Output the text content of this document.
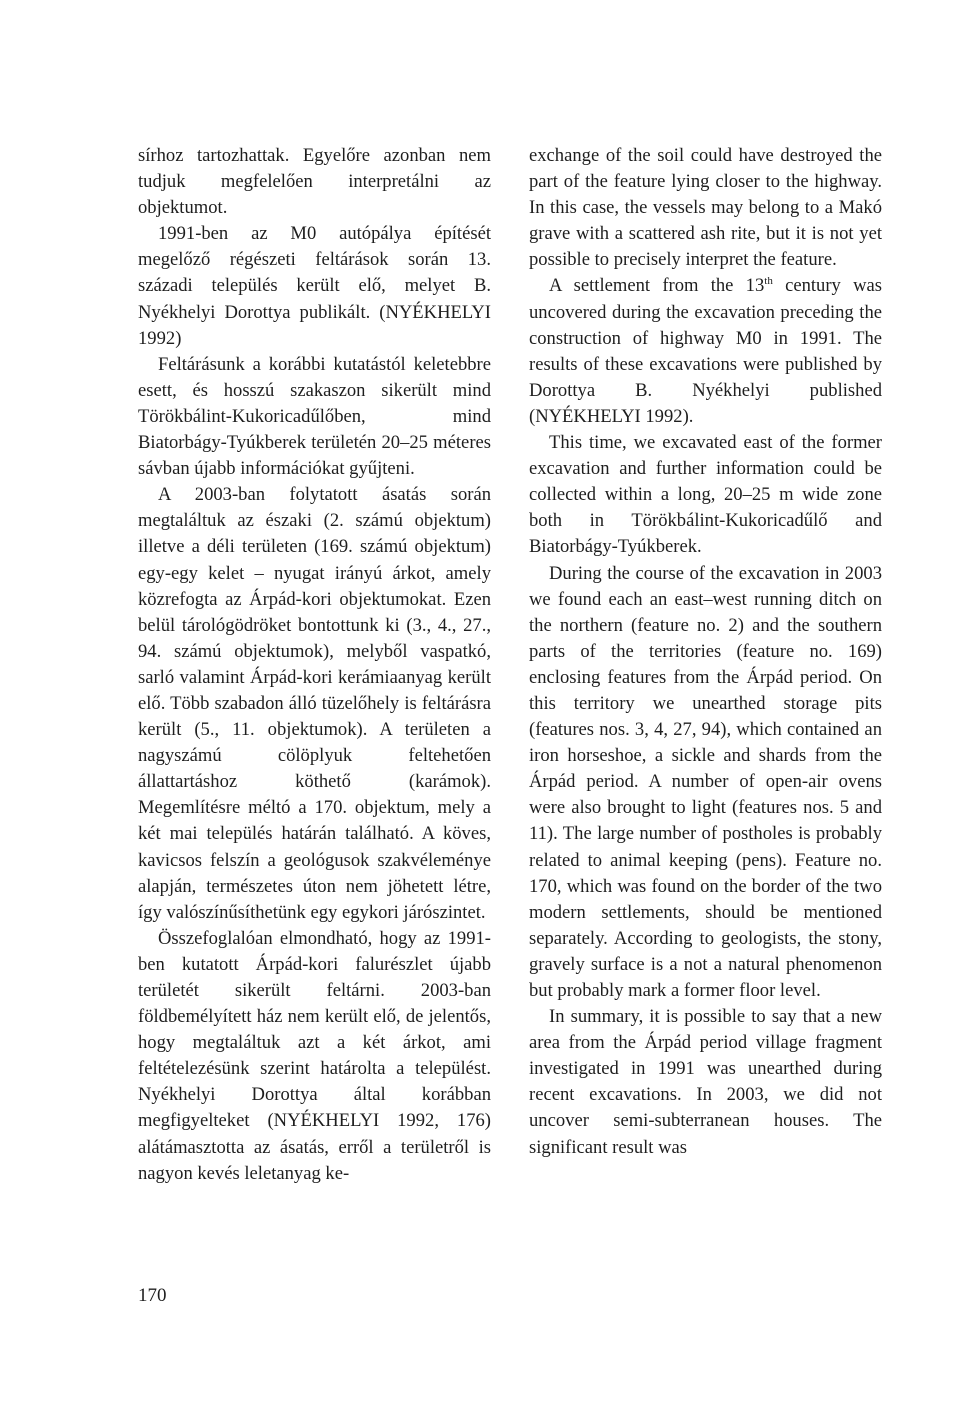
sírhoz tartozhattak. Egyelőre azonban nem tudjuk megfelelően interpretálni az objektumot.

1991-ben az M0 autópálya építését megelőző régészeti feltárások során 13. századi település került elő, melyet B. Nyékhelyi Dorottya publikált. (NYÉKHELYI 1992)

Feltárásunk a korábbi kutatástól keletebbre esett, és hosszú szakaszon sikerült mind Törökbálint-Kukoricadűlőben, mind Biatorbágy-Tyúkberek területén 20–25 méteres sávban újabb információkat gyűjteni.

A 2003-ban folytatott ásatás során megtaláltuk az északi (2. számú objektum) illetve a déli területen (169. számú objektum) egy-egy kelet – nyugat irányú árkot, amely közrefogta az Árpád-kori objektumokat. Ezen belül tárológödröket bontottunk ki (3., 4., 27., 94. számú objektumok), melyből vaspatkó, sarló valamint Árpád-kori kerámiaanyag került elő. Több szabadon álló tüzelőhely is feltárásra került (5., 11. objektumok). A területen a nagyszámú cölöplyuk feltehetően állattartáshoz köthető (karámok). Megemlítésre méltó a 170. objektum, mely a két mai település határán található. A köves, kavicsos felszín a geológusok szakvéleménye alapján, természetes úton nem jöhetett létre, így valószínűsíthetünk egy egykori járószintet.

Összefoglalóan elmondható, hogy az 1991-ben kutatott Árpád-kori falurészlet újabb területét sikerült feltárni. 2003-ban földbemélyített ház nem került elő, de jelentős, hogy megtaláltuk azt a két árkot, ami feltételezésünk szerint határolta a települést. Nyékhelyi Dorottya által korábban megfigyelteket (NYÉKHELYI 1992, 176) alátámasztotta az ásatás, erről a területről is nagyon kevés leletanyag ke-

exchange of the soil could have destroyed the part of the feature lying closer to the highway. In this case, the vessels may belong to a Makó grave with a scattered ash rite, but it is not yet possible to precisely interpret the feature.

A settlement from the 13th century was uncovered during the excavation preceding the construction of highway M0 in 1991. The results of these excavations were published by Dorottya B. Nyékhelyi published (NYÉKHELYI 1992).

This time, we excavated east of the former excavation and further information could be collected within a long, 20–25 m wide zone both in Törökbálint-Kukoricadűlő and Biatorbágy-Tyúkberek.

During the course of the excavation in 2003 we found each an east–west running ditch on the northern (feature no. 2) and the southern parts of the territories (feature no. 169) enclosing features from the Árpád period. On this territory we unearthed storage pits (features nos. 3, 4, 27, 94), which contained an iron horseshoe, a sickle and shards from the Árpád period. A number of open-air ovens were also brought to light (features nos. 5 and 11). The large number of postholes is probably related to animal keeping (pens). Feature no. 170, which was found on the border of the two modern settlements, should be mentioned separately. According to geologists, the stony, gravely surface is a not a natural phenomenon but probably mark a former floor level.

In summary, it is possible to say that a new area from the Árpád period village fragment investigated in 1991 was unearthed during recent excavations. In 2003, we did not uncover semi-subterranean houses. The significant result was

170
